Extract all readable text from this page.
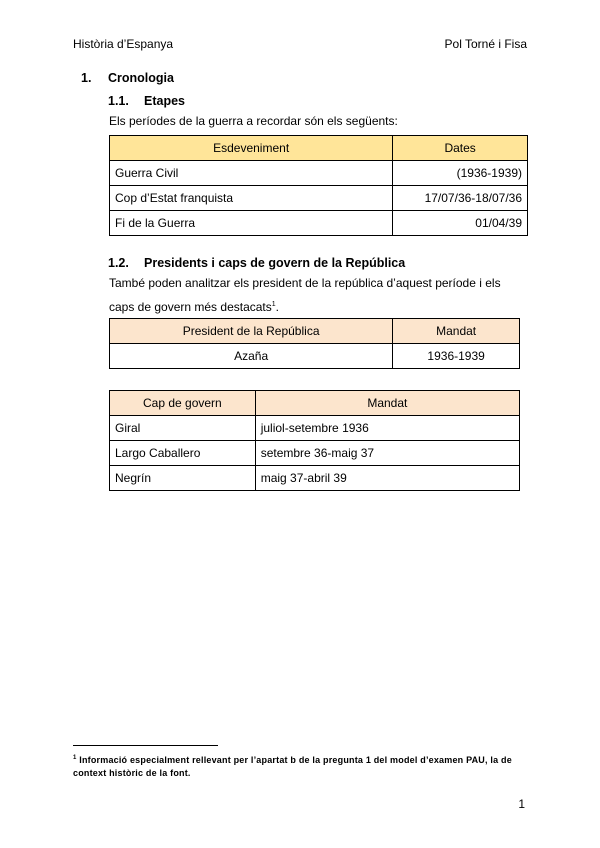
Història d’Espanya	Pol Torné i Fisa
1. Cronologia
1.1. Etapes
Els períodes de la guerra a recordar són els següents:
Esdeveniment	Dates
Guerra Civil	(1936-1939)
Cop d’Estat franquista	17/07/36-18/07/36
Fi de la Guerra	01/04/39
1.2. Presidents i caps de govern de la República
També poden analitzar els president de la república d’aquest període i els
caps de govern més destacats$^1$.
President de la República	Mandat
Azaña	1936-1939
Cap de govern	Mandat
Giral	juliol-setembre 1936
Largo Caballero	setembre 36-maig 37
Negrín	maig 37-abril 39
$^1$ Informació especialment rellevant per l’apartat b de la pregunta 1 del model d’examen PAU, la de context històric de la font.
1
